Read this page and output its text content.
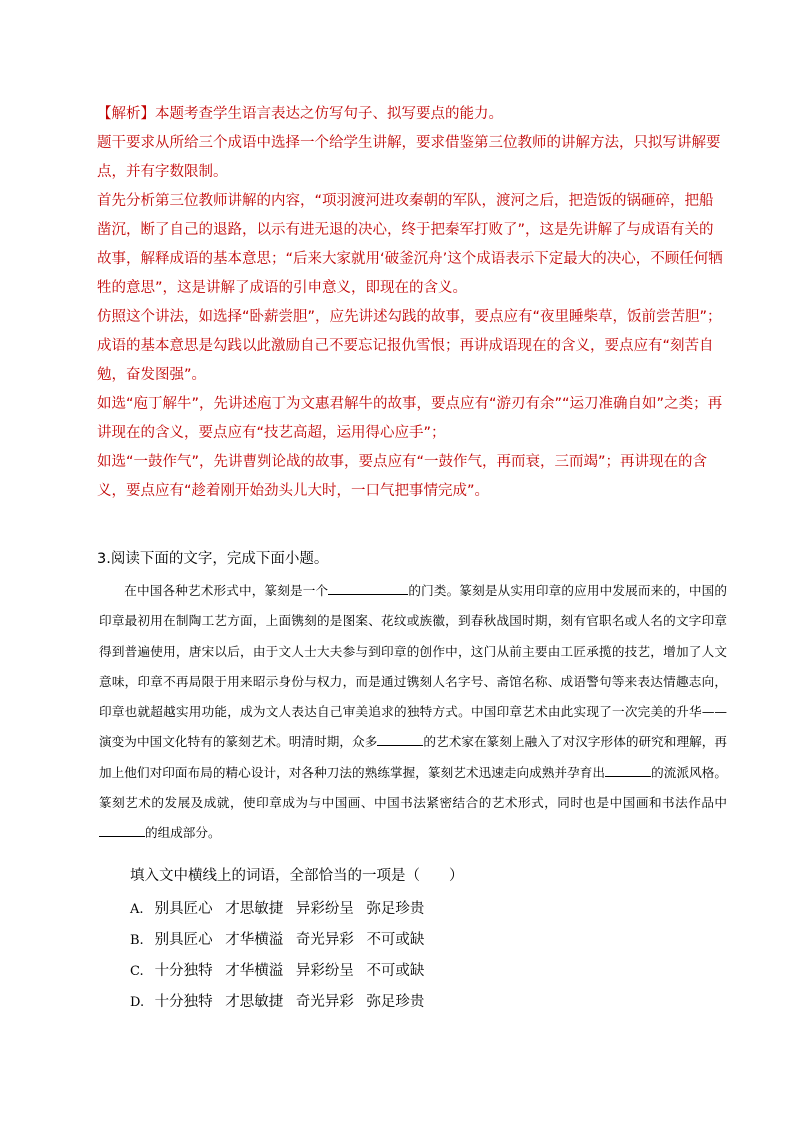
【解析】本题考查学生语言表达之仿写句子、拟写要点的能力。

题干要求从所给三个成语中选择一个给学生讲解，要求借鉴第三位教师的讲解方法，只拟写讲解要点，并有字数限制。

首先分析第三位教师讲解的内容，“项羽渡河进攻秦朝的军队，渡河之后，把造饭的锅砸碎，把船凿沉，断了自己的退路，以示有进无退的决心，终于把秦军打败了”，这是先讲解了与成语有关的故事，解释成语的基本意思；“后来大家就用‘破釜沉舟’这个成语表示下定最大的决心，不顾任何牺牲的意思”，这是讲解了成语的引申意义，即现在的含义。

仿照这个讲法，如选择“卧薪尝胆”，应先讲述勾践的故事，要点应有“夜里睡柴草，饭前尝苦胆”；成语的基本意思是勾践以此激励自己不要忘记报仇雪恨；再讲成语现在的含义，要点应有“刻苦自勉，奋发图强”。

如选“庖丁解牛”，先讲述庖丁为文惠君解牛的故事，要点应有“游刃有余”“运刀准确自如”之类；再讲现在的含义，要点应有“技艺高超，运用得心应手”；

如选“一鼓作气”，先讲曹刿论战的故事，要点应有“一鼓作气，再而衰，三而竭”；再讲现在的含义，要点应有“趁着刚开始劲头儿大时，一口气把事情完成”。

3.阅读下面的文字，完成下面小题。

在中国各种艺术形式中，篆刻是一个	的门类。篆刻是从实用印章的应用中发展而来的，中国的印章最初用在制陶工艺方面，上面镌刻的是图案、花纹或族徽，到春秋战国时期，刻有官职名或人名的文字印章得到普遍使用，唐宋以后，由于文人士大夫参与到印章的创作中，这门从前主要由工匠承揽的技艺，增加了人文意味，印章不再局限于用来昭示身份与权力，而是通过镌刻人名字号、斋馆名称、成语警句等来表达情趣志向，印章也就超越实用功能，成为文人表达自己审美追求的独特方式。中国印章艺术由此实现了一次完美的升华——演变为中国文化特有的篆刻艺术。明清时期，众多	的艺术家在篆刻上融入了对汉字形体的研究和理解，再加上他们对印面布局的精心设计，对各种刀法的熟练掌握，篆刻艺术迅速走向成熟并孕育出	的流派风格。篆刻艺术的发展及成就，使印章成为与中国画、中国书法紧密结合的艺术形式，同时也是中国画和书法作品中的组成部分。

填入文中横线上的词语，全部恰当的一项是（　　）

A. 别具匠心 才思敏捷 异彩纷呈 弥足珍贵
B. 别具匠心 才华横溢 奇光异彩 不可或缺
C. 十分独特 才华横溢 异彩纷呈 不可或缺
D. 十分独特 才思敏捷 奇光异彩 弥足珍贵
